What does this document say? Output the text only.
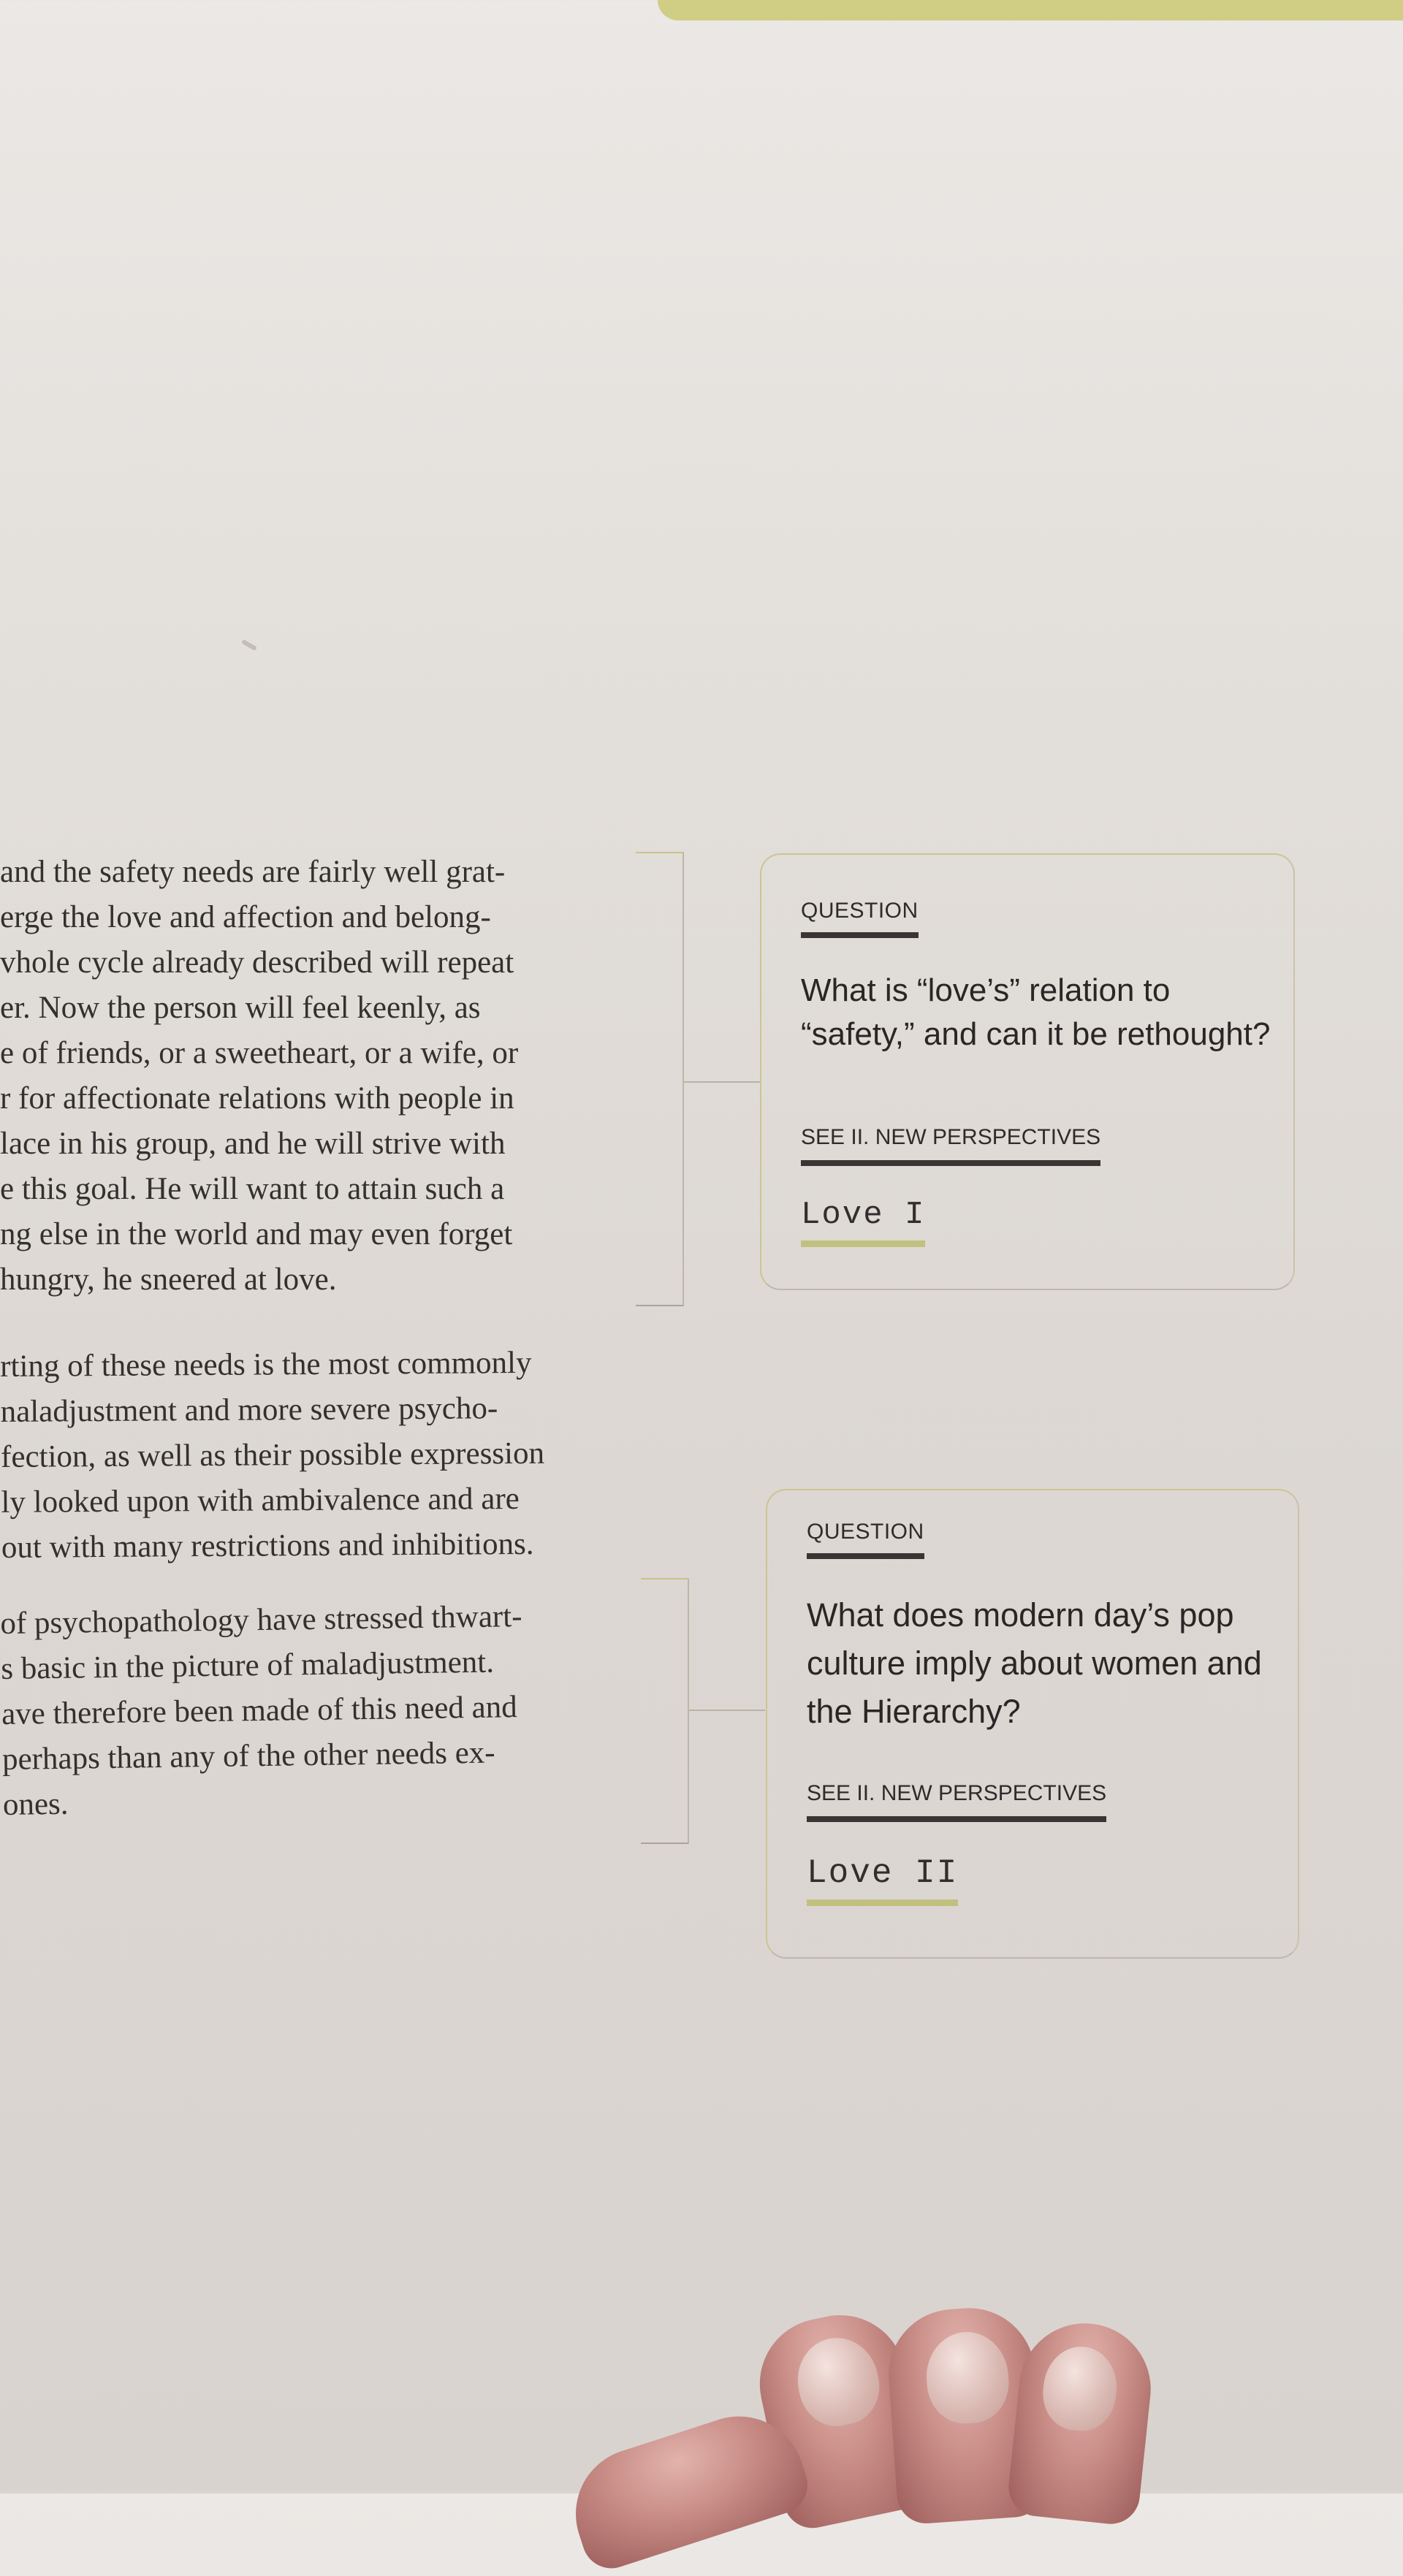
and the safety needs are fairly well grat-
erge the love and affection and belong-
vhole cycle already described will repeat
er. Now the person will feel keenly, as
e of friends, or a sweetheart, or a wife, or
r for affectionate relations with people in
lace in his group, and he will strive with
e this goal. He will want to attain such a
ng else in the world and may even forget
hungry, he sneered at love.
rting of these needs is the most commonly
naladjustment and more severe psycho-
fection, as well as their possible expression
ly looked upon with ambivalence and are
out with many restrictions and inhibitions.
of psychopathology have stressed thwart-
s basic in the picture of maladjustment.
ave therefore been made of this need and
perhaps than any of the other needs ex-
ones.
QUESTION
What is “love’s” relation to “safety,” and can it be rethought?
SEE II. NEW PERSPECTIVES
Love I
QUESTION
What does modern day’s pop culture imply about women and the Hierarchy?
SEE II. NEW PERSPECTIVES
Love II
